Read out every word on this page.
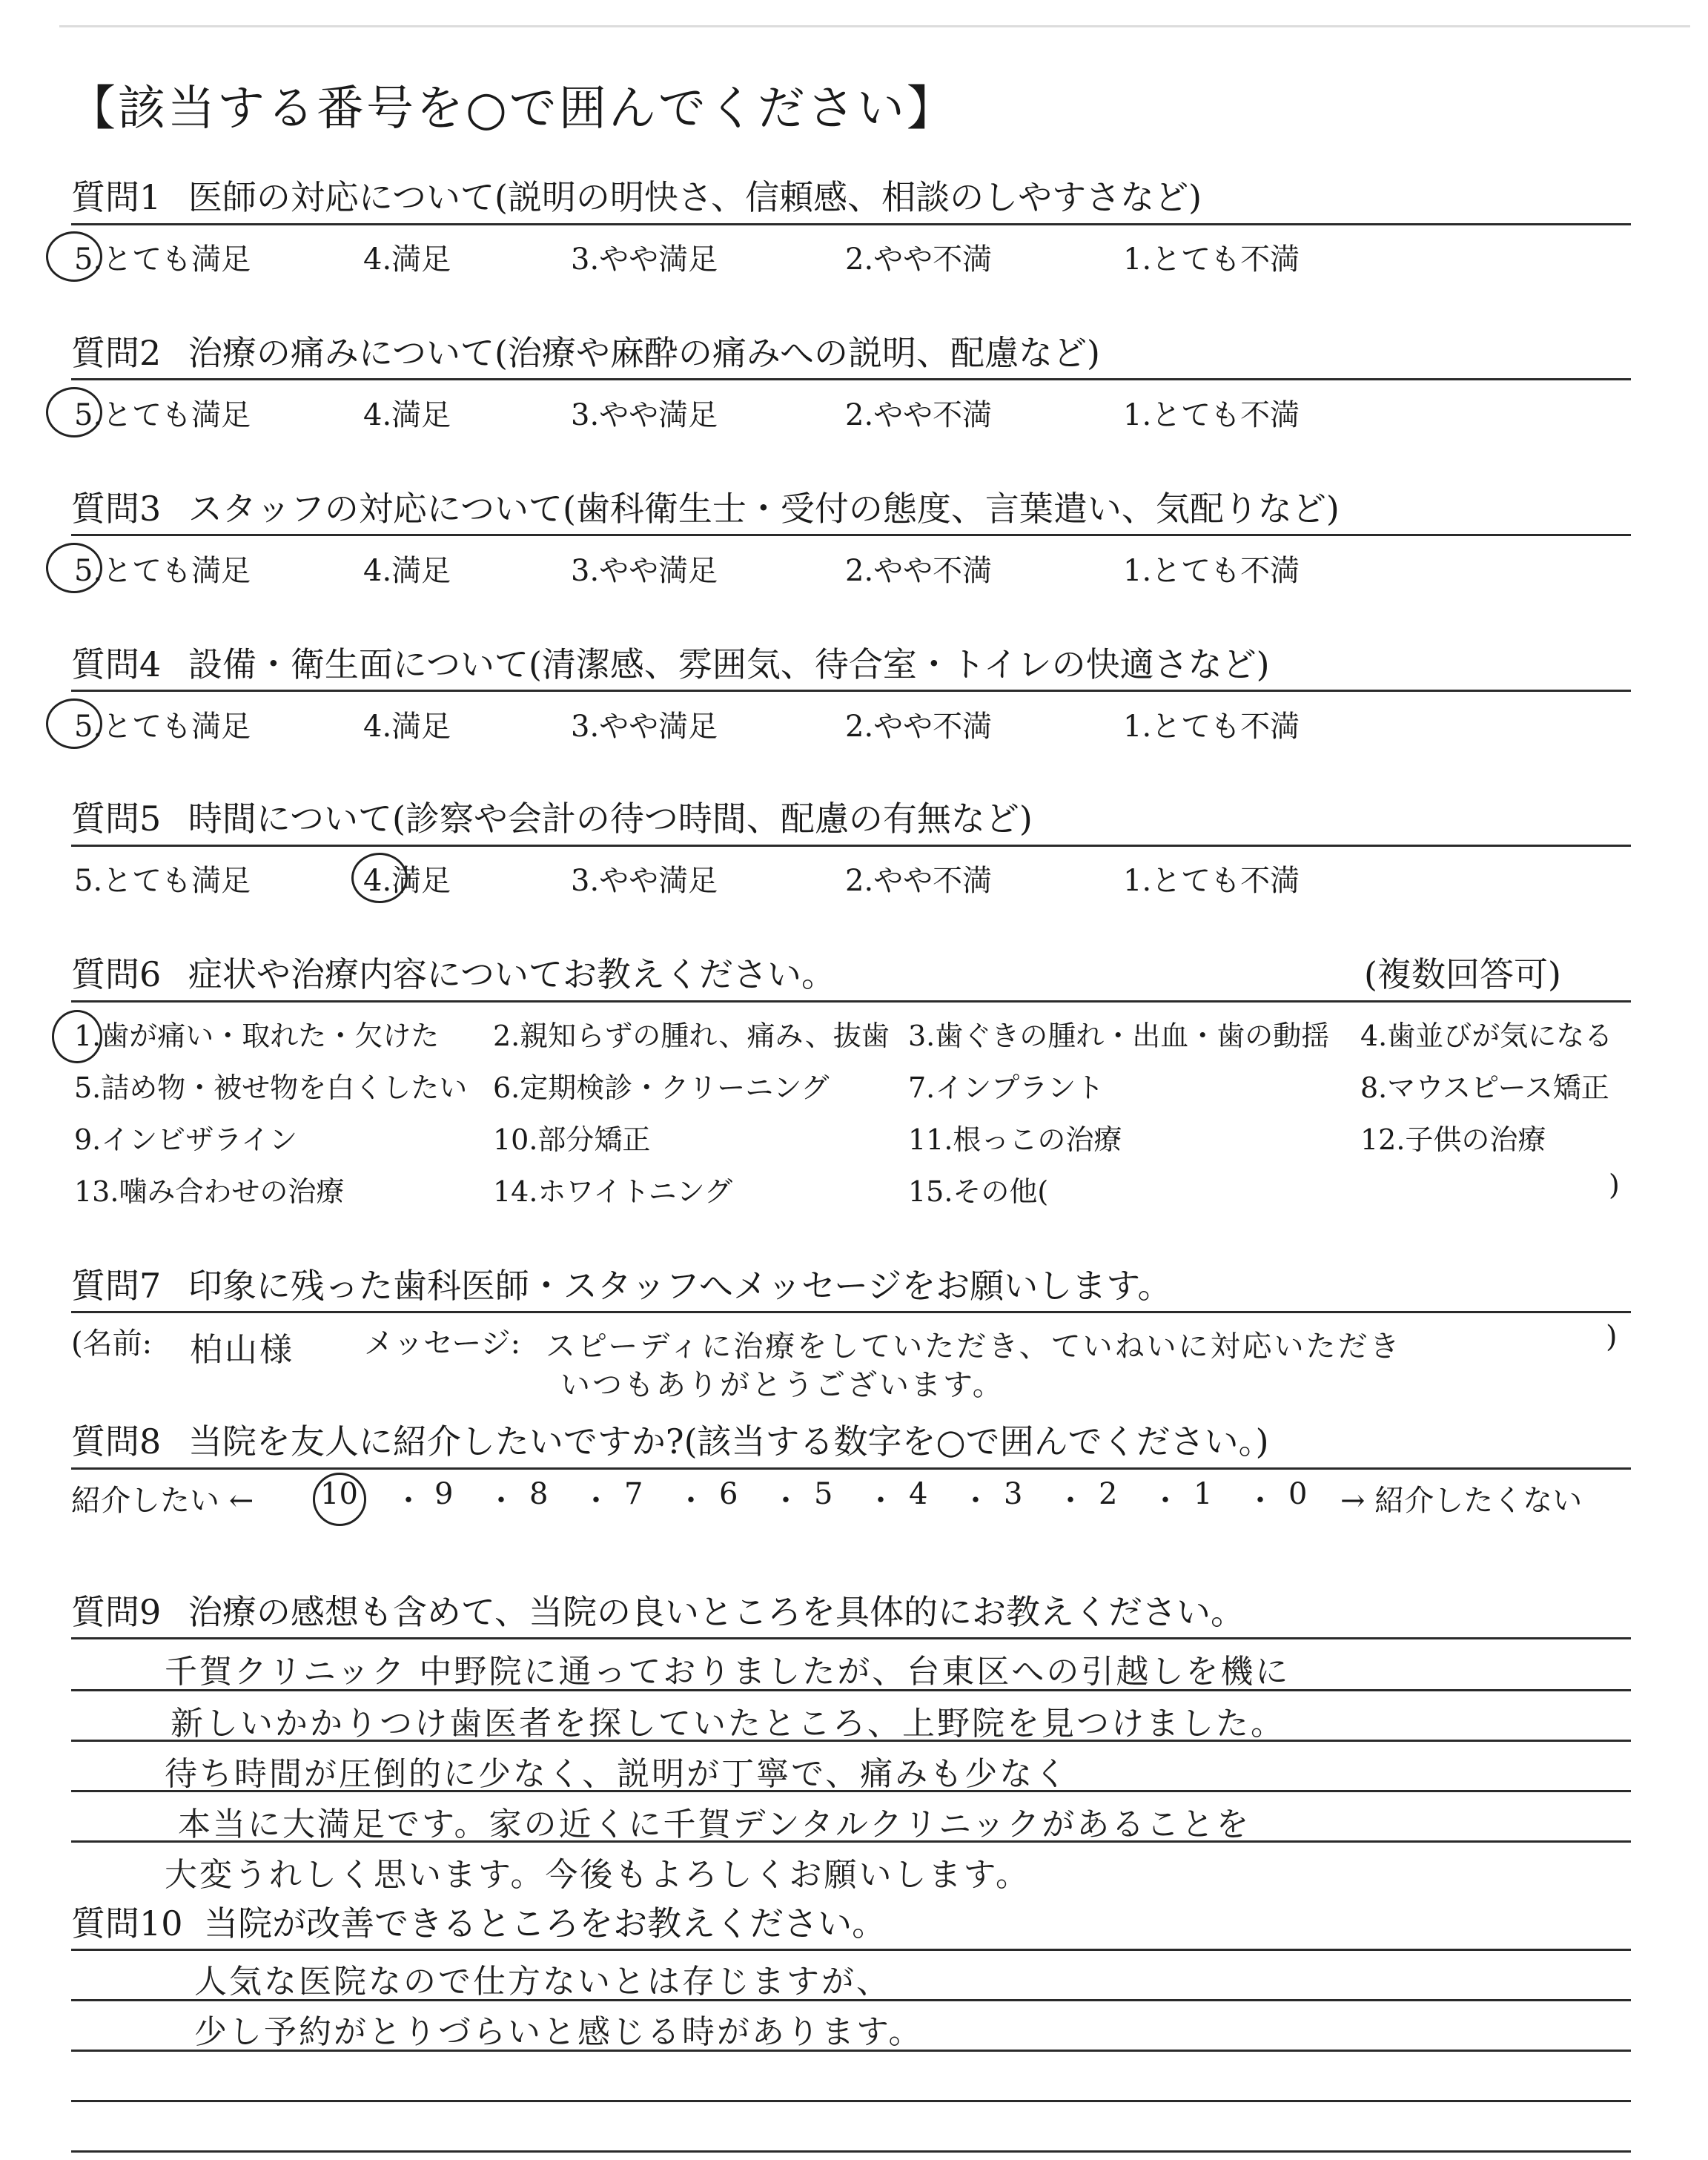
【該当する番号を○で囲んでください】
質問1 医師の対応について(説明の明快さ、信頼感、相談のしやすさなど)
5.とても満足	4.満足	3.やや満足	2.やや不満	1.とても不満
質問2 治療の痛みについて(治療や麻酔の痛みへの説明、配慮など)
5.とても満足	4.満足	3.やや満足	2.やや不満	1.とても不満
質問3 スタッフの対応について(歯科衛生士・受付の態度、言葉遣い、気配りなど)
5.とても満足	4.満足	3.やや満足	2.やや不満	1.とても不満
質問4 設備・衛生面について(清潔感、雰囲気、待合室・トイレの快適さなど)
5.とても満足	4.満足	3.やや満足	2.やや不満	1.とても不満
質問5 時間について(診察や会計の待つ時間、配慮の有無など)
5.とても満足	4.満足	3.やや満足	2.やや不満	1.とても不満
質問6 症状や治療内容についてお教えください。	(複数回答可)
1.歯が痛い・取れた・欠けた 2.親知らずの腫れ、痛み、抜歯 3.歯ぐきの腫れ・出血・歯の動揺 4.歯並びが気になる
5.詰め物・被せ物を白くしたい 6.定期検診・クリーニング	7.インプラント	8.マウスピース矯正
9.インビザライン	10.部分矯正	11.根っこの治療	12.子供の治療
13.噛み合わせの治療	14.ホワイトニング	15.その他(	)
質問7 印象に残った歯科医師・スタッフへメッセージをお願いします。
(名前: 柏山様 メッセージ: スピーディに治療をしていただき、ていねいに対応いただき
いつもありがとうございます。
)
質問8 当院を友人に紹介したいですか?(該当する数字を○で囲んでください。)
紹介したい ← 10 ・ 9 ・ 8 ・ 7 ・ 6 ・ 5 ・ 4 ・ 3 ・ 2 ・ 1 ・ 0 → 紹介したくない
質問9 治療の感想も含めて、当院の良いところを具体的にお教えください。
千賀クリニック 中野院に通っておりましたが、台東区への引越しを機に
新しいかかりつけ歯医者を探していたところ、上野院を見つけました。
待ち時間が圧倒的に少なく、説明が丁寧で、痛みも少なく
本当に大満足です。家の近くに千賀デンタルクリニックがあることを
大変うれしく思います。今後もよろしくお願いします。
質問10 当院が改善できるところをお教えください。
人気な医院なので仕方ないとは存じますが、
少し予約がとりづらいと感じる時があります。
